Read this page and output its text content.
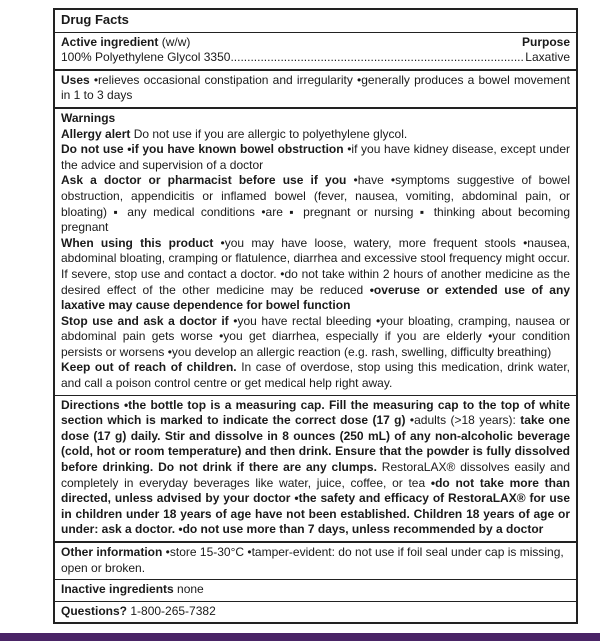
Drug Facts
Active ingredient (w/w)	Purpose
100% Polyethylene Glycol 3350
.....	Laxative
Uses •relieves occasional constipation and irregularity •generally produces a bowel movement in 1 to 3 days

Warnings

Allergy alert Do not use if you are allergic to polyethylene glycol.

Do not use •if you have known bowel obstruction •if you have kidney disease, except under the advice and supervision of a doctor

Ask a doctor or pharmacist before use if you •have •symptoms suggestive of bowel obstruction, appendicitis or inflamed bowel (fever, nausea, vomiting, abdominal pain, or bloating) ▪ any medical conditions •are ▪ pregnant or nursing ▪ thinking about becoming pregnant

When using this product •you may have loose, watery, more frequent stools •nausea, abdominal bloating, cramping or flatulence, diarrhea and excessive stool frequency might occur. If severe, stop use and contact a doctor. •do not take within 2 hours of another medicine as the desired effect of the other medicine may be reduced •overuse or extended use of any laxative may cause dependence for bowel function

Stop use and ask a doctor if •you have rectal bleeding •your bloating, cramping, nausea or abdominal pain gets worse •you get diarrhea, especially if you are elderly •your condition persists or worsens •you develop an allergic reaction (e.g. rash, swelling, difficulty breathing)

Keep out of reach of children. In case of overdose, stop using this medication, drink water, and call a poison control centre or get medical help right away.

Directions •the bottle top is a measuring cap. Fill the measuring cap to the top of white section which is marked to indicate the correct dose (17 g) •adults (>18 years): take one dose (17 g) daily. Stir and dissolve in 8 ounces (250 mL) of any non-alcoholic beverage (cold, hot or room temperature) and then drink. Ensure that the powder is fully dissolved before drinking. Do not drink if there are any clumps. RestoraLAX® dissolves easily and completely in everyday beverages like water, juice, coffee, or tea •do not take more than directed, unless advised by your doctor •the safety and efficacy of RestoraLAX® for use in children under 18 years of age have not been established. Children 18 years of age or under: ask a doctor. •do not use more than 7 days, unless recommended by a doctor
Other information •store 15-30°C •tamper-evident: do not use if foil seal under cap is missing, open or broken.
Inactive ingredients none
Questions? 1-800-265-7382
